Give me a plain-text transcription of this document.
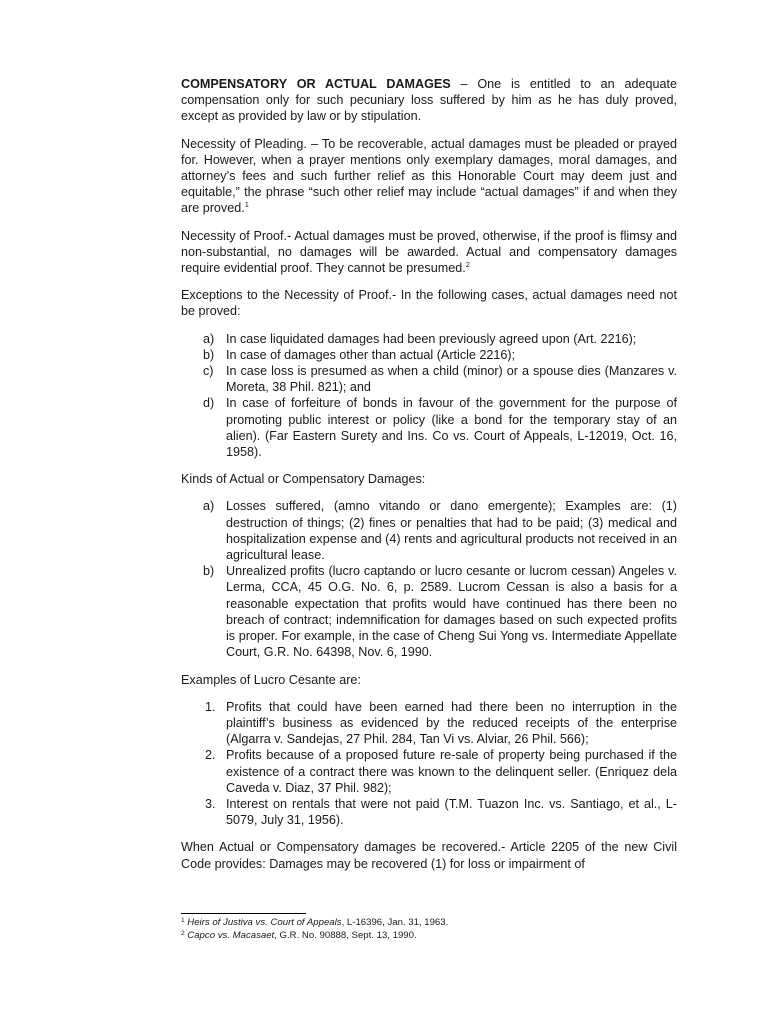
COMPENSATORY OR ACTUAL DAMAGES – One is entitled to an adequate compensation only for such pecuniary loss suffered by him as he has duly proved, except as provided by law or by stipulation.

Necessity of Pleading. – To be recoverable, actual damages must be pleaded or prayed for. However, when a prayer mentions only exemplary damages, moral damages, and attorney’s fees and such further relief as this Honorable Court may deem just and equitable,” the phrase “such other relief may include “actual damages” if and when they are proved.$^1$

Necessity of Proof.- Actual damages must be proved, otherwise, if the proof is flimsy and non-substantial, no damages will be awarded. Actual and compensatory damages require evidential proof. They cannot be presumed.$^2$

Exceptions to the Necessity of Proof.- In the following cases, actual damages need not be proved:

a) In case liquidated damages had been previously agreed upon (Art. 2216);
b) In case of damages other than actual (Article 2216);
c) In case loss is presumed as when a child (minor) or a spouse dies (Manzares v. Moreta, 38 Phil. 821); and
d) In case of forfeiture of bonds in favour of the government for the purpose of promoting public interest or policy (like a bond for the temporary stay of an alien). (Far Eastern Surety and Ins. Co vs. Court of Appeals, L-12019, Oct. 16, 1958).

Kinds of Actual or Compensatory Damages:

a) Losses suffered, (amno vitando or dano emergente); Examples are: (1) destruction of things; (2) fines or penalties that had to be paid; (3) medical and hospitalization expense and (4) rents and agricultural products not received in an agricultural lease.
b) Unrealized profits (lucro captando or lucro cesante or lucrom cessan) Angeles v. Lerma, CCA, 45 O.G. No. 6, p. 2589. Lucrom Cessan is also a basis for a reasonable expectation that profits would have continued has there been no breach of contract; indemnification for damages based on such expected profits is proper. For example, in the case of Cheng Sui Yong vs. Intermediate Appellate Court, G.R. No. 64398, Nov. 6, 1990.

Examples of Lucro Cesante are:

1. Profits that could have been earned had there been no interruption in the plaintiff’s business as evidenced by the reduced receipts of the enterprise (Algarra v. Sandejas, 27 Phil. 284, Tan Vi vs. Alviar, 26 Phil. 566);
2. Profits because of a proposed future re-sale of property being purchased if the existence of a contract there was known to the delinquent seller. (Enriquez dela Caveda v. Diaz, 37 Phil. 982);
3. Interest on rentals that were not paid (T.M. Tuazon Inc. vs. Santiago, et al., L-5079, July 31, 1956).

When Actual or Compensatory damages be recovered.- Article 2205 of the new Civil Code provides: Damages may be recovered (1) for loss or impairment of

$^1$ Heirs of Justiva vs. Court of Appeals, L-16396, Jan. 31, 1963.
$^2$ Capco vs. Macasaet, G.R. No. 90888, Sept. 13, 1990.
